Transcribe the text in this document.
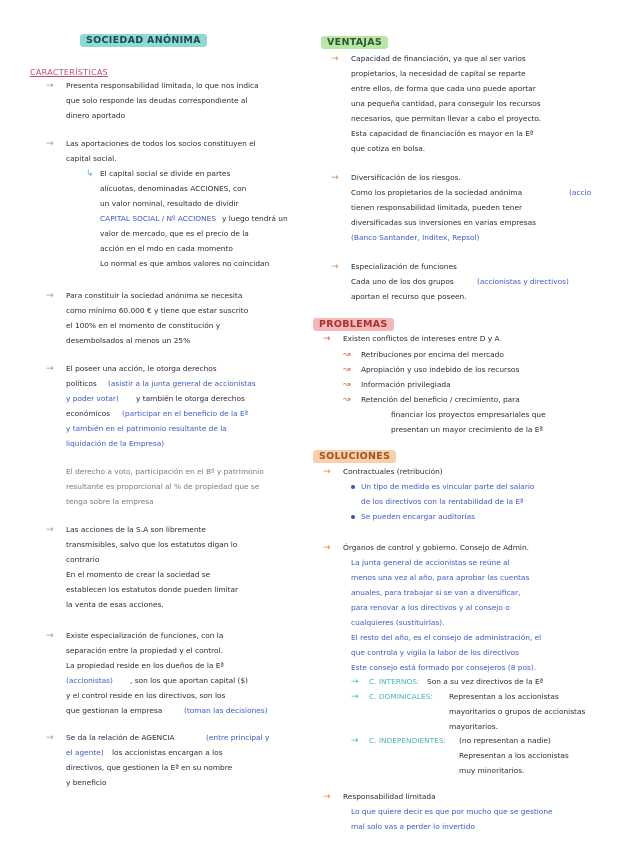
SOCIEDAD ANÓNIMA
CARACTERÍSTICAS
→ Presenta responsabilidad limitada, lo que nos indica
que solo responde las deudas correspondiente al
dinero aportado
→ Las aportaciones de todos los socios constituyen el
capital social.
↳ El capital social se divide en partes
alícuotas, denominadas ACCIONES, con
un valor nominal, resultado de dividir
CAPITAL SOCIAL / Nº ACCIONES y luego tendrá un
valor de mercado, que es el precio de la
acción en el mdo en cada momento
Lo normal es que ambos valores no coincidan
→ Para constituir la sociedad anónima se necesita
como mínimo 60.000 € y tiene que estar suscrito
el 100% en el momento de constitución y
desembolsados al menos un 25%
→ El poseer una acción, le otorga derechos
políticos (asistir a la junta general de accionistas
y poder votar) y también le otorga derechos
económicos (participar en el beneficio de la Eª
y también en el patrimonio resultante de la
liquidación de la Empresa)
El derecho a voto, participación en el Bº y patrimonio
resultante es proporcional al % de propiedad que se
tenga sobre la empresa
→ Las acciones de la S.A son libremente
transmisibles, salvo que los estatutos digan lo
contrario
En el momento de crear la sociedad se
establecen los estatutos donde pueden limitar
la venta de esas acciones.
→ Existe especialización de funciones, con la
separación entre la propiedad y el control.
La propiedad reside en los dueños de la Eª
(accionistas) , son los que aportan capital ($)
y el control reside en los directivos, son los
que gestionan la empresa	(toman las decisiones)
→ Se da la relación de AGENCIA	(entre principal y
el agente) los accionistas encargan a los
directivos, que gestionen la Eª en su nombre
y beneficio
VENTAJAS
→ Capacidad de financiación, ya que al ser varios
propietarios, la necesidad de capital se reparte
entre ellos, de forma que cada uno puede aportar
una pequeña cantidad, para conseguir los recursos
necesarios, que permitan llevar a cabo el proyecto.
Esta capacidad de financiación es mayor en la Eª
que cotiza en bolsa.
→ Diversificación de los riesgos.
Como los propietarios de la sociedad anónima	(accio
tienen responsabilidad limitada, pueden tener
diversificadas sus inversiones en varias empresas
(Banco Santander, Inditex, Repsol)
→ Especialización de funciones
Cada uno de los dos grupos	(accionistas y directivos)
aportan el recurso que poseen.
PROBLEMAS
→ Existen conflictos de intereses entre D y A
↝ Retribuciones por encima del mercado
↝ Apropiación y uso indebido de los recursos
↝ Información privilegiada
↝ Retención del beneficio / crecimiento, para
financiar los proyectos empresariales que
presentan un mayor crecimiento de la Eª
SOLUCIONES
→ Contractuales (retribución)
Un tipo de medida es vincular parte del salario
de los directivos con la rentabilidad de la Eª
Se pueden encargar auditorías
→ Órganos de control y gobierno. Consejo de Admin.
La junta general de accionistas se reúne al
menos una vez al año, para aprobar las cuentas
anuales, para trabajar si se van a diversificar,
para renovar a los directivos y al consejo o
cualquieres (sustituirlas).
El resto del año, es el consejo de administración, el
que controla y vigila la labor de los directivos
Este consejo está formado por consejeros (8 pos).
→ C. INTERNOS: Son a su vez directivos de la Eª
→ C. DOMINICALES: Representan a los accionistas
mayoritarios o grupos de accionistas
mayoritarios.
→ C. INDEPENDIENTES: (no representan a nadie)
Representan a los accionistas
muy minoritarios.
→ Responsabilidad limitada
Lo que quiere decir es que por mucho que se gestione
mal solo vas a perder lo invertido
